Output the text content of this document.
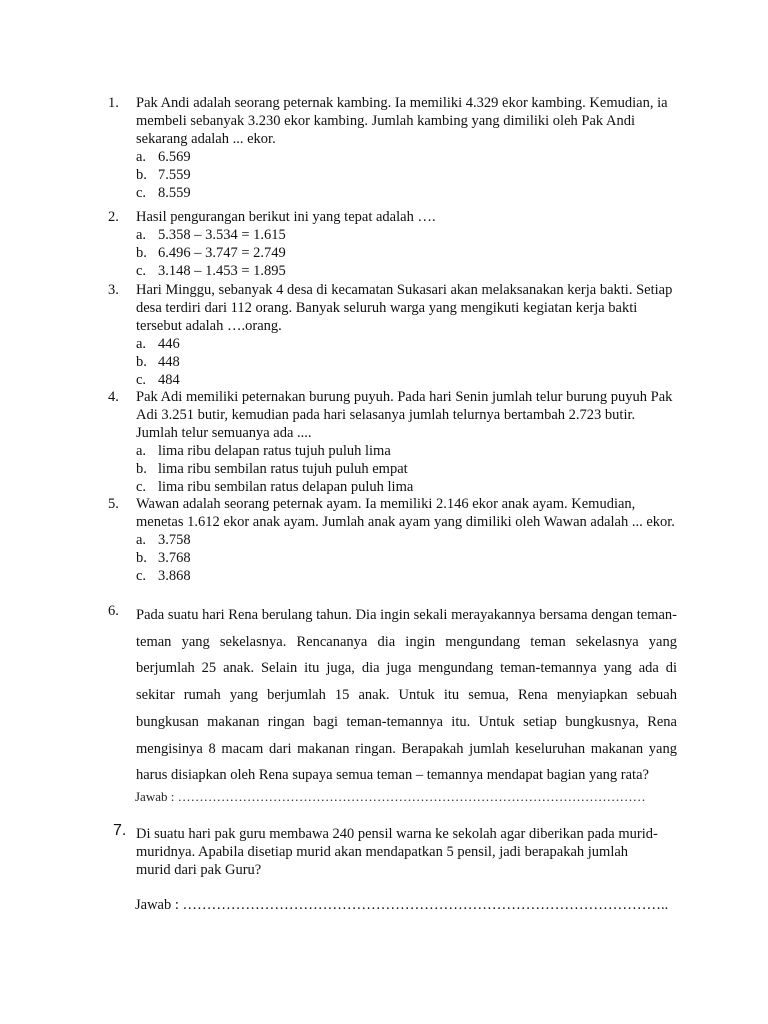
1.	Pak Andi adalah seorang peternak kambing. Ia memiliki 4.329 ekor kambing. Kemudian, ia membeli sebanyak 3.230 ekor kambing. Jumlah kambing yang dimiliki oleh Pak Andi sekarang adalah ... ekor.
a. 6.569
b. 7.559
c. 8.559
2.	Hasil pengurangan berikut ini yang tepat adalah ….
a. 5.358 – 3.534 = 1.615
b. 6.496 – 3.747 = 2.749
c. 3.148 – 1.453 = 1.895
3.	Hari Minggu, sebanyak 4 desa di kecamatan Sukasari akan melaksanakan kerja bakti. Setiap desa terdiri dari 112 orang. Banyak seluruh warga yang mengikuti kegiatan kerja bakti tersebut adalah ….orang.
a. 446
b. 448
c. 484
4.	Pak Adi memiliki peternakan burung puyuh. Pada hari Senin jumlah telur burung puyuh Pak Adi 3.251 butir, kemudian pada hari selasanya jumlah telurnya bertambah 2.723 butir. Jumlah telur semuanya ada ....
a. lima ribu delapan ratus tujuh puluh lima
b. lima ribu sembilan ratus tujuh puluh empat
c. lima ribu sembilan ratus delapan puluh lima
5.	Wawan adalah seorang peternak ayam. Ia memiliki 2.146 ekor anak ayam. Kemudian, menetas 1.612 ekor anak ayam. Jumlah anak ayam yang dimiliki oleh Wawan adalah ... ekor.
a. 3.758
b. 3.768
c. 3.868
6.	Pada suatu hari Rena berulang tahun. Dia ingin sekali merayakannya bersama dengan teman-teman yang sekelasnya. Rencananya dia ingin mengundang teman sekelasnya yang berjumlah 25 anak. Selain itu juga, dia juga mengundang teman-temannya yang ada di sekitar rumah yang berjumlah 15 anak. Untuk itu semua, Rena menyiapkan sebuah bungkusan makanan ringan bagi teman-temannya itu. Untuk setiap bungkusnya, Rena mengisinya 8 macam dari makanan ringan. Berapakah jumlah keseluruhan makanan yang harus disiapkan oleh Rena supaya semua teman – temannya mendapat bagian yang rata?
Jawab : ………………………………………………………………………………………………
7. Di suatu hari pak guru membawa 240 pensil warna ke sekolah agar diberikan pada murid-muridnya. Apabila disetiap murid akan mendapatkan 5 pensil, jadi berapakah jumlah murid dari pak Guru?
Jawab : ………………………………………………………………………………………..
